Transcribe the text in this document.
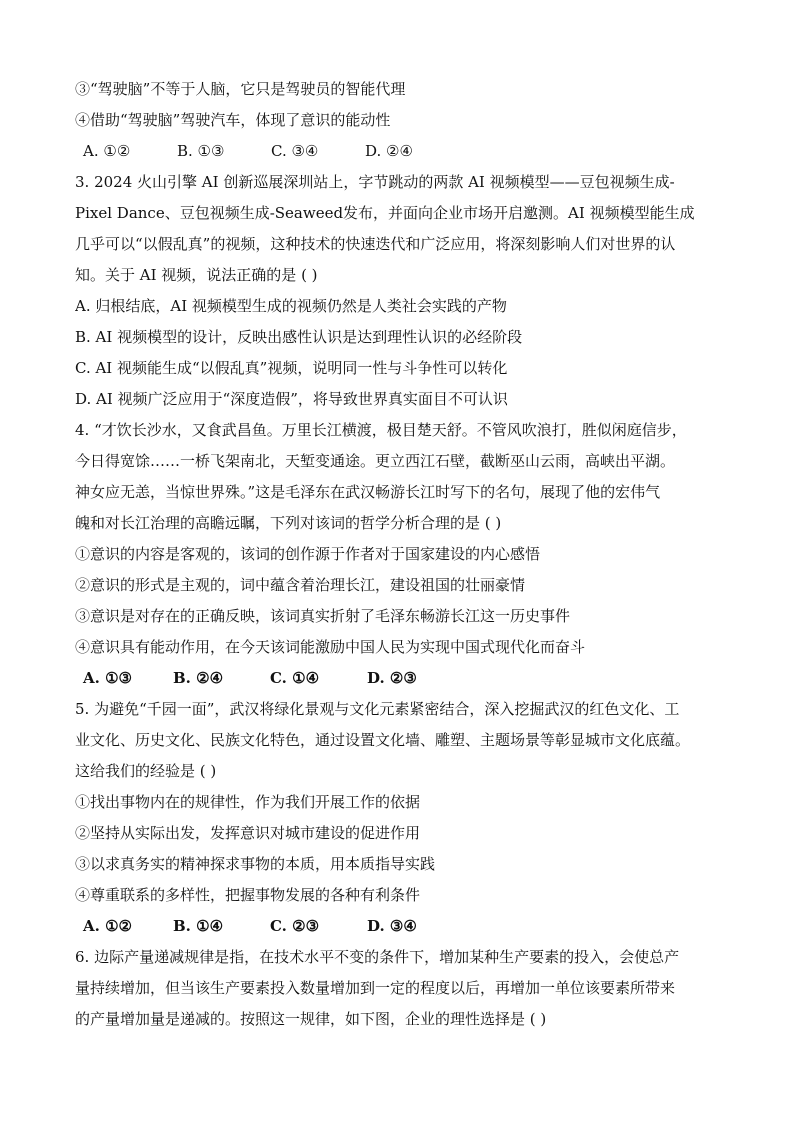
③“驾驶脑”不等于人脑，它只是驾驶员的智能代理
④借助“驾驶脑”驾驶汽车，体现了意识的能动性
A. ①②	B. ①③	C. ③④	D. ②④
3. 2024 火山引擎 AI 创新巡展深圳站上，字节跳动的两款 AI 视频模型——豆包视频生成-
Pixel Dance、豆包视频生成-Seaweed发布，并面向企业市场开启邀测。AI 视频模型能生成
几乎可以“以假乱真”的视频，这种技术的快速迭代和广泛应用，将深刻影响人们对世界的认
知。关于 AI 视频，说法正确的是 ( )
A. 归根结底，AI 视频模型生成的视频仍然是人类社会实践的产物
B. AI 视频模型的设计，反映出感性认识是达到理性认识的必经阶段
C. AI 视频能生成“以假乱真”视频，说明同一性与斗争性可以转化
D. AI 视频广泛应用于“深度造假”，将导致世界真实面目不可认识
4. “才饮长沙水，又食武昌鱼。万里长江横渡，极目楚天舒。不管风吹浪打，胜似闲庭信步，
今日得宽馀……一桥飞架南北，天堑变通途。更立西江石壁，截断巫山云雨，高峡出平湖。
神女应无恙，当惊世界殊。”这是毛泽东在武汉畅游长江时写下的名句，展现了他的宏伟气
魄和对长江治理的高瞻远瞩，下列对该词的哲学分析合理的是 ( )
①意识的内容是客观的，该词的创作源于作者对于国家建设的内心感悟
②意识的形式是主观的，词中蕴含着治理长江，建设祖国的壮丽豪情
③意识是对存在的正确反映，该词真实折射了毛泽东畅游长江这一历史事件
④意识具有能动作用，在今天该词能激励中国人民为实现中国式现代化而奋斗
A. ①③	B. ②④	C. ①④	D. ②③
5. 为避免“千园一面”，武汉将绿化景观与文化元素紧密结合，深入挖掘武汉的红色文化、工
业文化、历史文化、民族文化特色，通过设置文化墙、雕塑、主题场景等彰显城市文化底蕴。
这给我们的经验是 ( )
①找出事物内在的规律性，作为我们开展工作的依据
②坚持从实际出发，发挥意识对城市建设的促进作用
③以求真务实的精神探求事物的本质，用本质指导实践
④尊重联系的多样性，把握事物发展的各种有利条件
A. ①②	B. ①④	C. ②③	D. ③④
6. 边际产量递减规律是指，在技术水平不变的条件下，增加某种生产要素的投入，会使总产
量持续增加，但当该生产要素投入数量增加到一定的程度以后，再增加一单位该要素所带来
的产量增加量是递减的。按照这一规律，如下图，企业的理性选择是 ( )
